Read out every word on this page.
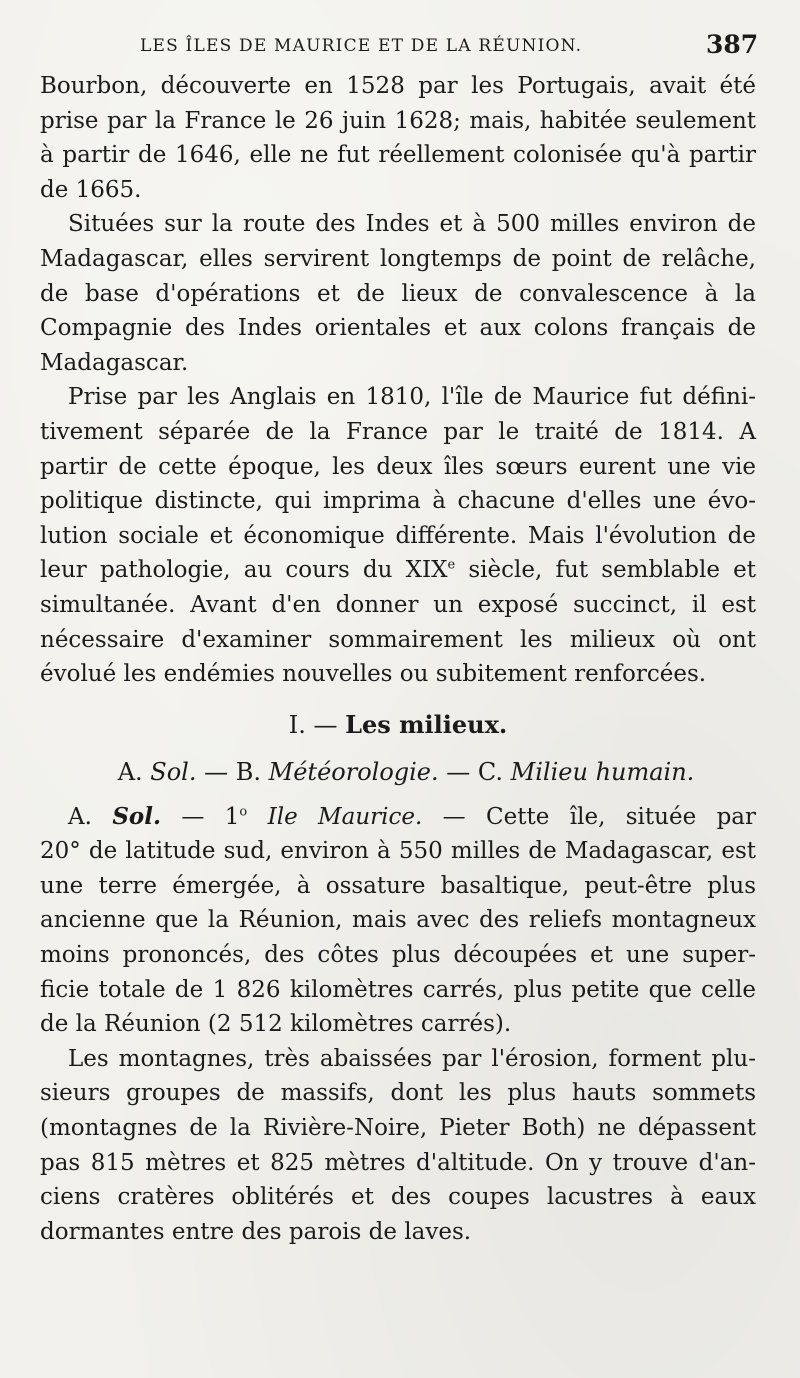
LES ÎLES DE MAURICE ET DE LA RÉUNION.	387
Bourbon, découverte en 1528 par les Portugais, avait été
prise par la France le 26 juin 1628; mais, habitée seulement
à partir de 1646, elle ne fut réellement colonisée qu'à partir
de 1665.
Situées sur la route des Indes et à 500 milles environ de
Madagascar, elles servirent longtemps de point de relâche,
de base d'opérations et de lieux de convalescence à la
Compagnie des Indes orientales et aux colons français de
Madagascar.
Prise par les Anglais en 1810, l'île de Maurice fut défini-
tivement séparée de la France par le traité de 1814. A
partir de cette époque, les deux îles sœurs eurent une vie
politique distincte, qui imprima à chacune d'elles une évo-
lution sociale et économique différente. Mais l'évolution de
leur pathologie, au cours du XIXe siècle, fut semblable et
simultanée. Avant d'en donner un exposé succinct, il est
nécessaire d'examiner sommairement les milieux où ont
évolué les endémies nouvelles ou subitement renforcées.
I. — Les milieux.
A. Sol. — B. Météorologie. — C. Milieu humain.
A. Sol. — 1$^o$ Ile Maurice. — Cette île, située par
20° de latitude sud, environ à 550 milles de Madagascar, est
une terre émergée, à ossature basaltique, peut-être plus
ancienne que la Réunion, mais avec des reliefs montagneux
moins prononcés, des côtes plus découpées et une super-
ficie totale de 1 826 kilomètres carrés, plus petite que celle
de la Réunion (2 512 kilomètres carrés).
Les montagnes, très abaissées par l'érosion, forment plu-
sieurs groupes de massifs, dont les plus hauts sommets
(montagnes de la Rivière-Noire, Pieter Both) ne dépassent
pas 815 mètres et 825 mètres d'altitude. On y trouve d'an-
ciens cratères oblitérés et des coupes lacustres à eaux
dormantes entre des parois de laves.
